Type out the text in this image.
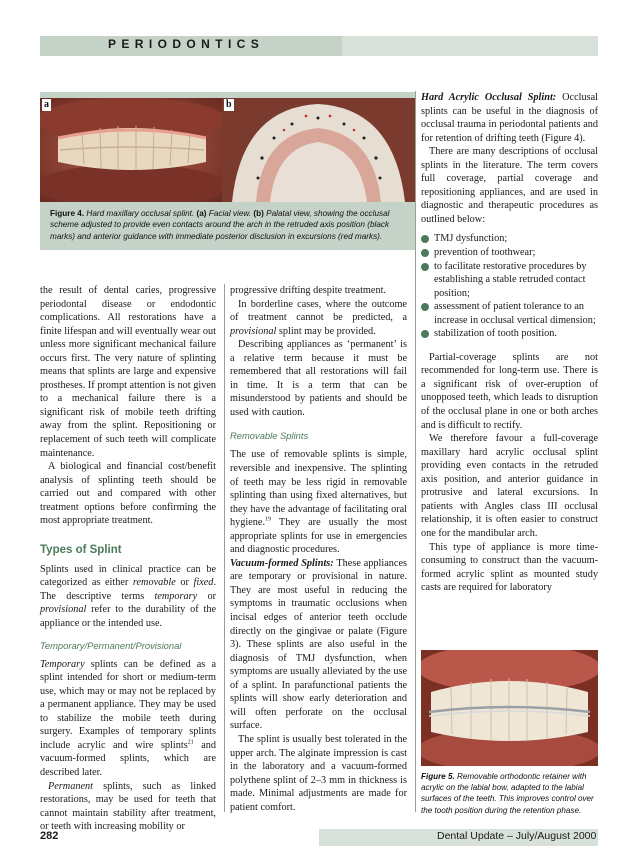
PERIODONTICS
a	b
Figure 4. Hard maxillary occlusal splint. (a) Facial view. (b) Palatal view, showing the occlusal scheme adjusted to provide even contacts around the arch in the retruded axis position (black marks) and anterior guidance with immediate posterior disclusion in excursions (red marks).

the result of dental caries, progressive periodontal disease or endodontic complications. All restorations have a finite lifespan and will eventually wear out unless more significant mechanical failure occurs first. The very nature of splinting means that splints are large and expensive prostheses. If prompt attention is not given to a mechanical failure there is a significant risk of mobile teeth drifting away from the splint. Repositioning or replacement of such teeth will complicate maintenance.

A biological and financial cost/benefit analysis of splinting teeth should be carried out and compared with other treatment options before confirming the most appropriate treatment.

Types of Splint

Splints used in clinical practice can be categorized as either removable or fixed. The descriptive terms temporary or provisional refer to the durability of the appliance or the intended use.

Temporary/Permanent/Provisional

Temporary splints can be defined as a splint intended for short or medium-term use, which may or may not be replaced by a permanent appliance. They may be used to stabilize the mobile teeth during surgery. Examples of temporary splints include acrylic and wire splints$^{21}$ and vacuum-formed splints, which are described later.

Permanent splints, such as linked restorations, may be used for teeth that cannot maintain stability after treatment, or teeth with increasing mobility or

progressive drifting despite treatment.

In borderline cases, where the outcome of treatment cannot be predicted, a provisional splint may be provided.

Describing appliances as ‘permanent’ is a relative term because it must be remembered that all restorations will fail in time. It is a term that can be misunderstood by patients and should be used with caution.

Removable Splints

The use of removable splints is simple, reversible and inexpensive. The splinting of teeth may be less rigid in removable splinting than using fixed alternatives, but they have the advantage of facilitating oral hygiene.$^{19}$ They are usually the most appropriate splints for use in emergencies and diagnostic procedures.

Vacuum-formed Splints: These appliances are temporary or provisional in nature. They are most useful in reducing the symptoms in traumatic occlusions when incisal edges of anterior teeth occlude directly on the gingivae or palate (Figure 3). These splints are also useful in the diagnosis of TMJ dysfunction, when symptoms are usually alleviated by the use of a splint. In parafunctional patients the splints will show early deterioration and will often perforate on the occlusal surface.

The splint is usually best tolerated in the upper arch. The alginate impression is cast in the laboratory and a vacuum-formed polythene splint of 2–3 mm in thickness is made. Minimal adjustments are made for patient comfort.

Hard Acrylic Occlusal Splint: Occlusal splints can be useful in the diagnosis of occlusal trauma in periodontal patients and for retention of drifting teeth (Figure 4).

There are many descriptions of occlusal splints in the literature. The term covers full coverage, partial coverage and repositioning appliances, and are used in diagnostic and therapeutic procedures as outlined below:

TMJ dysfunction;
prevention of toothwear;
to facilitate restorative procedures by establishing a stable retruded contact position;
assessment of patient tolerance to an increase in occlusal vertical dimension;
stabilization of tooth position.

Partial-coverage splints are not recommended for long-term use. There is a significant risk of over-eruption of unopposed teeth, which leads to disruption of the occlusal plane in one or both arches and is difficult to rectify.

We therefore favour a full-coverage maxillary hard acrylic occlusal splint providing even contacts in the retruded axis position, and anterior guidance in protrusive and lateral excursions. In patients with Angles class III occlusal relationship, it is often easier to construct one for the mandibular arch.

This type of appliance is more time-consuming to construct than the vacuum-formed acrylic splint as mounted study casts are required for laboratory

Figure 5. Removable orthodontic retainer with acrylic on the labial bow, adapted to the labial surfaces of the teeth. This improves control over the tooth position during the retention phase.
282	Dental Update – July/August 2000
